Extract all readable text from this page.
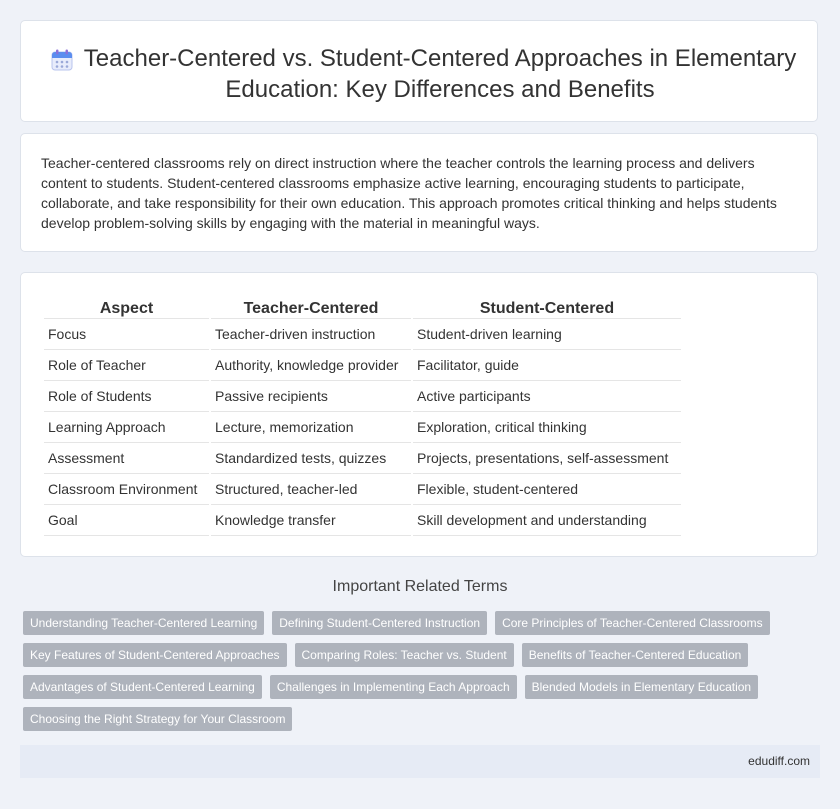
Teacher-Centered vs. Student-Centered Approaches in Elementary Education: Key Differences and Benefits

Teacher-centered classrooms rely on direct instruction where the teacher controls the learning process and delivers content to students. Student-centered classrooms emphasize active learning, encouraging students to participate, collaborate, and take responsibility for their own education. This approach promotes critical thinking and helps students develop problem-solving skills by engaging with the material in meaningful ways.

Aspect	Teacher-Centered	Student-Centered
Focus	Teacher-driven instruction	Student-driven learning
Role of Teacher	Authority, knowledge provider	Facilitator, guide
Role of Students	Passive recipients	Active participants
Learning Approach	Lecture, memorization	Exploration, critical thinking
Assessment	Standardized tests, quizzes	Projects, presentations, self-assessment
Classroom Environment	Structured, teacher-led	Flexible, student-centered
Goal	Knowledge transfer	Skill development and understanding
Important Related Terms
Understanding Teacher-Centered Learning	Defining Student-Centered Instruction	Core Principles of Teacher-Centered Classrooms
Key Features of Student-Centered Approaches	Comparing Roles: Teacher vs. Student	Benefits of Teacher-Centered Education
Advantages of Student-Centered Learning	Challenges in Implementing Each Approach	Blended Models in Elementary Education
Choosing the Right Strategy for Your Classroom
edudiff.com
